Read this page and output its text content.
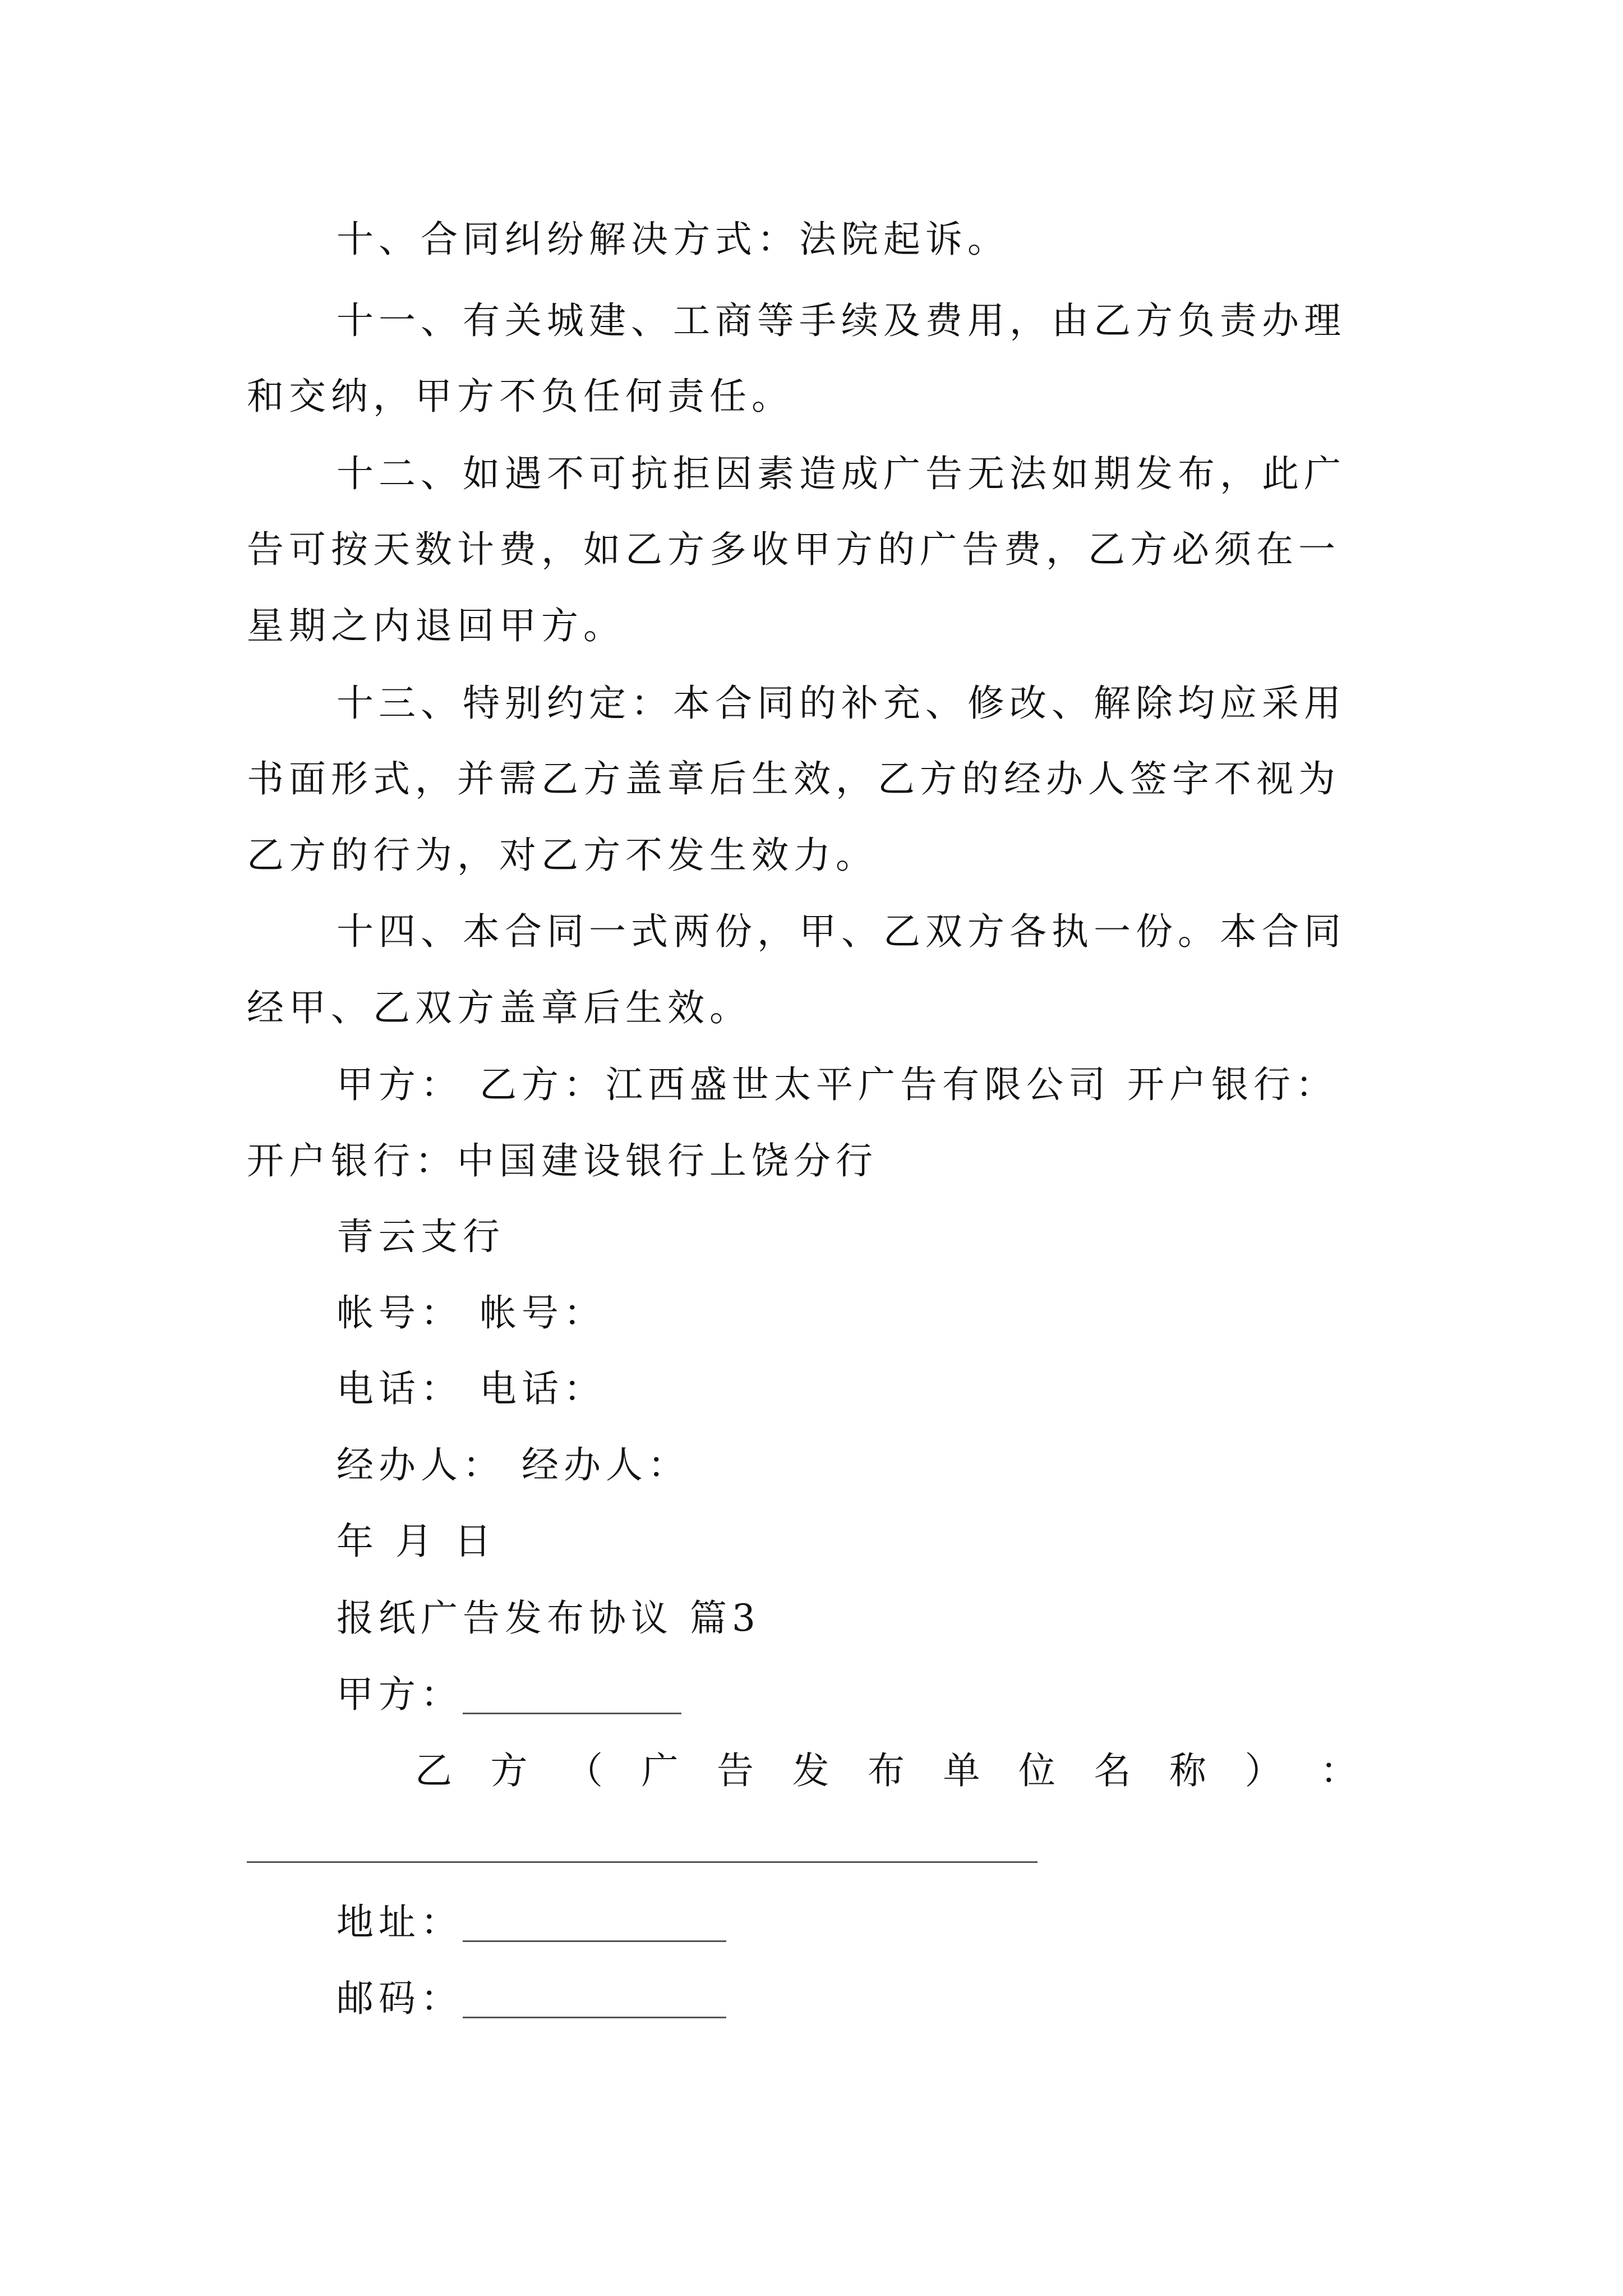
十、合同纠纷解决方式：法院起诉。
十一、有关城建、工商等手续及费用，由乙方负责办理
和交纳，甲方不负任何责任。
十二、如遇不可抗拒因素造成广告无法如期发布，此广
告可按天数计费，如乙方多收甲方的广告费，乙方必须在一
星期之内退回甲方。
十三、特别约定：本合同的补充、修改、解除均应采用
书面形式，并需乙方盖章后生效，乙方的经办人签字不视为
乙方的行为，对乙方不发生效力。
十四、本合同一式两份，甲、乙双方各执一份。本合同
经甲、乙双方盖章后生效。
甲方： 乙方：江西盛世太平广告有限公司 开户银行：
开户银行：中国建设银行上饶分行
青云支行
帐号： 帐号：
电话： 电话：
经办人： 经办人：
年 月 日
报纸广告发布协议 篇3
甲方：
乙 方 （ 广 告 发 布 单 位 名 称 ） ：
地址：
邮码：
